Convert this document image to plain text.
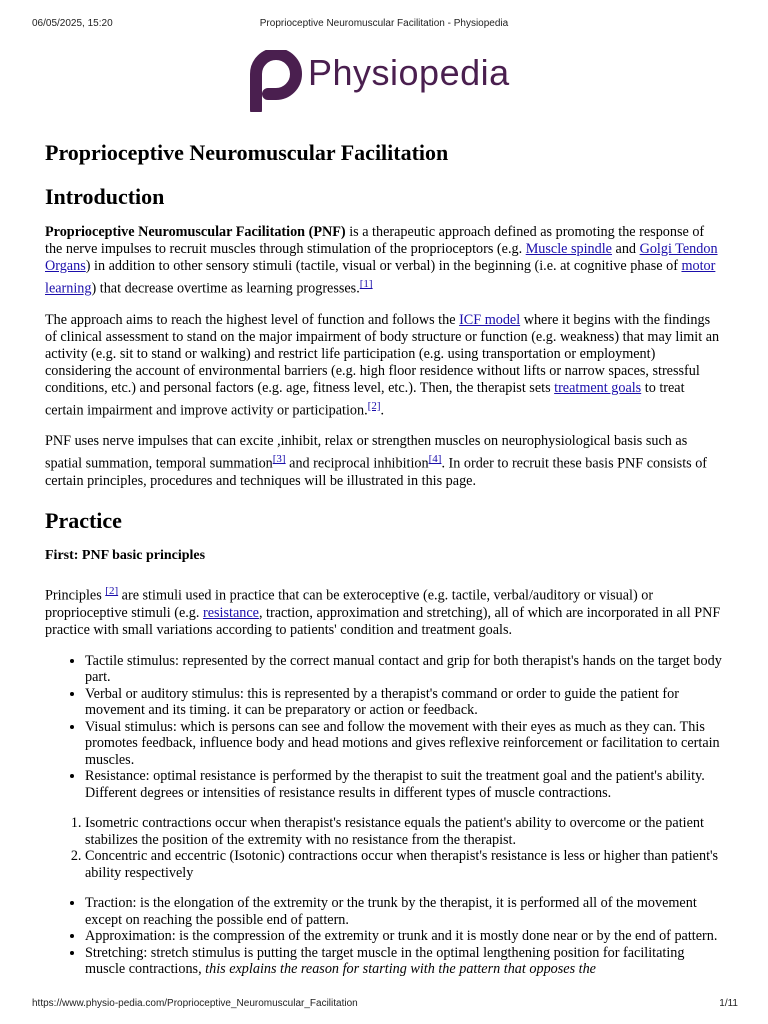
06/05/2025, 15:20	Proprioceptive Neuromuscular Facilitation - Physiopedia
Physiopedia
Proprioceptive Neuromuscular Facilitation
Introduction

Proprioceptive Neuromuscular Facilitation (PNF) is a therapeutic approach defined as promoting the response of the nerve impulses to recruit muscles through stimulation of the proprioceptors (e.g. Muscle spindle and Golgi Tendon Organs) in addition to other sensory stimuli (tactile, visual or verbal) in the beginning (i.e. at cognitive phase of motor learning) that decrease overtime as learning progresses.[1]

The approach aims to reach the highest level of function and follows the ICF model where it begins with the findings of clinical assessment to stand on the major impairment of body structure or function (e.g. weakness) that may limit an activity (e.g. sit to stand or walking) and restrict life participation (e.g. using transportation or employment) considering the account of environmental barriers (e.g. high floor residence without lifts or narrow spaces, stressful conditions, etc.) and personal factors (e.g. age, fitness level, etc.). Then, the therapist sets treatment goals to treat certain impairment and improve activity or participation.[2].

PNF uses nerve impulses that can excite ,inhibit, relax or strengthen muscles on neurophysiological basis such as spatial summation, temporal summation[3] and reciprocal inhibition[4]. In order to recruit these basis PNF consists of certain principles, procedures and techniques will be illustrated in this page.

Practice
First: PNF basic principles

Principles [2] are stimuli used in practice that can be exteroceptive (e.g. tactile, verbal/auditory or visual) or proprioceptive stimuli (e.g. resistance, traction, approximation and stretching), all of which are incorporated in all PNF practice with small variations according to patients' condition and treatment goals.

• Tactile stimulus: represented by the correct manual contact and grip for both therapist's hands on the target body part.
• Verbal or auditory stimulus: this is represented by a therapist's command or order to guide the patient for movement and its timing. it can be preparatory or action or feedback.
• Visual stimulus: which is persons can see and follow the movement with their eyes as much as they can. This promotes feedback, influence body and head motions and gives reflexive reinforcement or facilitation to certain muscles.
• Resistance: optimal resistance is performed by the therapist to suit the treatment goal and the patient's ability. Different degrees or intensities of resistance results in different types of muscle contractions.
1. Isometric contractions occur when therapist's resistance equals the patient's ability to overcome or the patient stabilizes the position of the extremity with no resistance from the therapist.
2. Concentric and eccentric (Isotonic) contractions occur when therapist's resistance is less or higher than patient's ability respectively
• Traction: is the elongation of the extremity or the trunk by the therapist, it is performed all of the movement except on reaching the possible end of pattern.
• Approximation: is the compression of the extremity or trunk and it is mostly done near or by the end of pattern.
• Stretching: stretch stimulus is putting the target muscle in the optimal lengthening position for facilitating muscle contractions, this explains the reason for starting with the pattern that opposes the
https://www.physio-pedia.com/Proprioceptive_Neuromuscular_Facilitation	1/11
